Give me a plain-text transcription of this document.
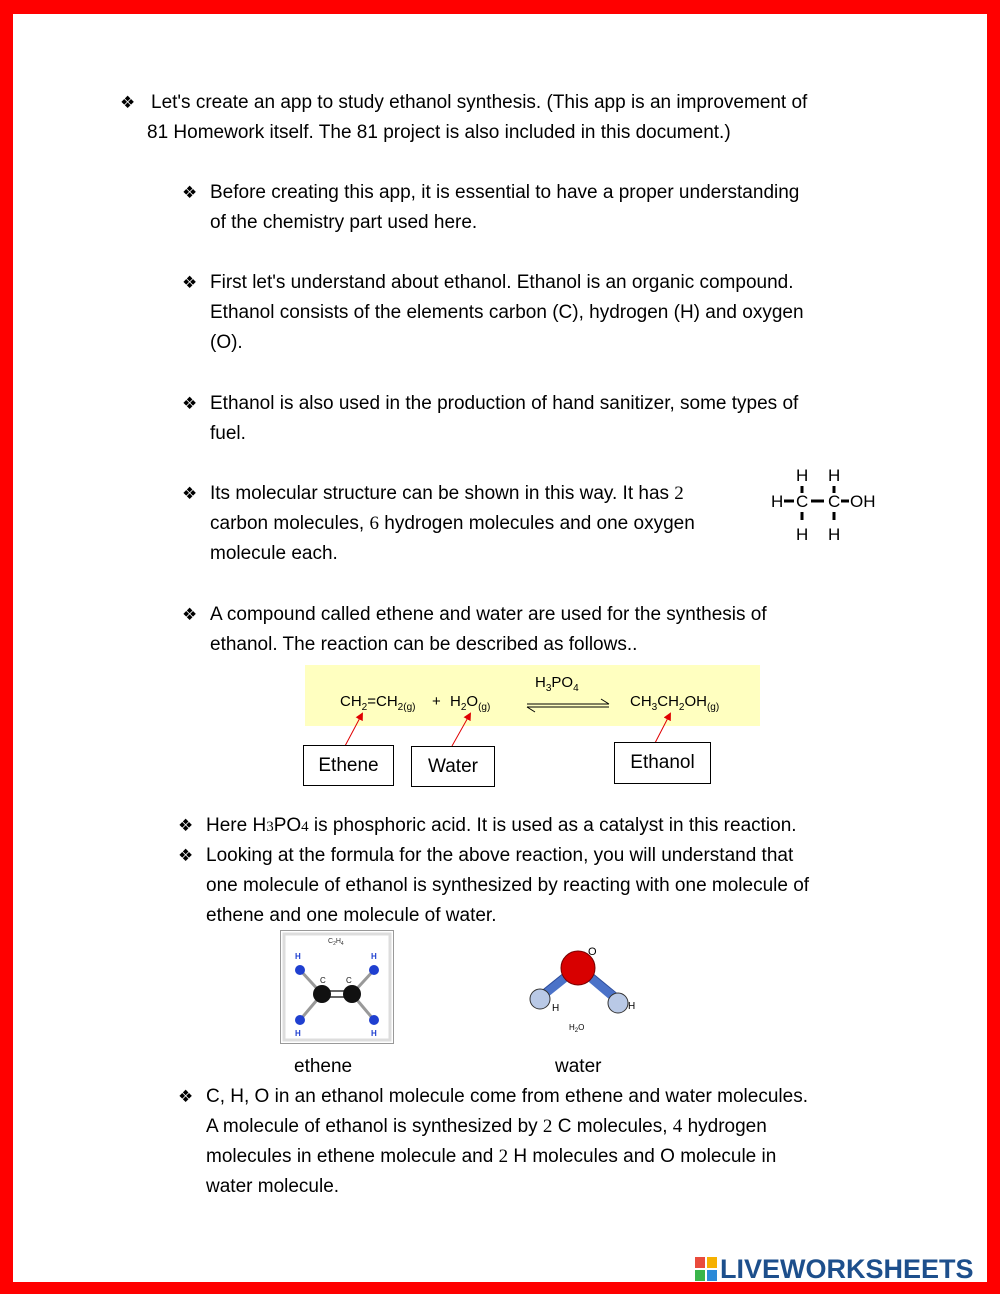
❖ Let's create an app to study ethanol synthesis. (This app is an improvement of
81 Homework itself. The 81 project is also included in this document.)
❖ Before creating this app, it is essential to have a proper understanding
of the chemistry part used here.
❖ First let's understand about ethanol. Ethanol is an organic compound.
Ethanol consists of the elements carbon (C), hydrogen (H) and oxygen
(O).
❖ Ethanol is also used in the production of hand sanitizer, some types of
fuel.
❖ Its molecular structure can be shown in this way. It has 2
carbon molecules, 6 hydrogen molecules and one oxygen
molecule each.
H H
H C C OH
H H
❖ A compound called ethene and water are used for the synthesis of
ethanol. The reaction can be described as follows..
$H_3PO_4$
$CH_2=CH_{2(g)} + H_2O_{(g)}$	$CH_3CH_2OH_{(g)}$
Ethene	Water	Ethanol
❖ Here H3PO4 is phosphoric acid. It is used as a catalyst in this reaction.
❖ Looking at the formula for the above reaction, you will understand that
one molecule of ethanol is synthesized by reacting with one molecule of
ethene and one molecule of water.
$C_2H_4$
H	H
H	H
C	C
O
H	H
$H_2O$
ethene	water
❖ C, H, O in an ethanol molecule come from ethene and water molecules.
A molecule of ethanol is synthesized by 2 C molecules, 4 hydrogen
molecules in ethene molecule and 2 H molecules and O molecule in
water molecule.
LIVEWORKSHEETS
